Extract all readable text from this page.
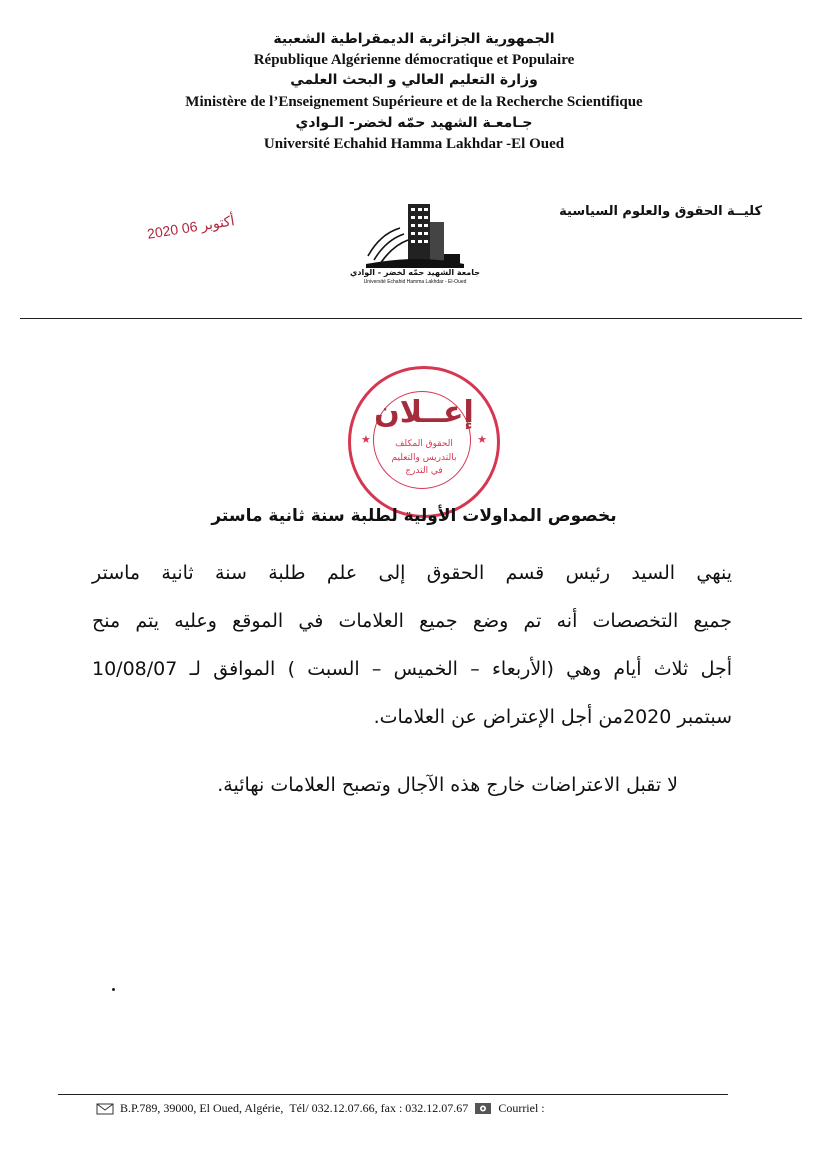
الجمهورية الجزائرية الديمقراطية الشعبية
République Algérienne démocratique et Populaire
وزارة التعليم العالي و البحث العلمي
Ministère de l’Enseignement Supérieure et de la Recherche Scientifique
جـامعـة الشهيد حمّه لخضر- الـوادي
Université Echahid Hamma Lakhdar -El Oued
كليــة الحقوق والعلوم السياسية
جامعة الشهيد حمّه لخضر - الوادي
Université Echahid Hamma Lakhdar - El-Oued
2020 أكتوبر 06
★	★
إعــلان
الحقوق المكلف
بالتدريس والتعليم
في التدرج
بخصوص المداولات الأولية لطلبة سنة ثانية ماستر
ينهي السيد رئيس قسم الحقوق إلى علم طلبة سنة ثانية ماستر
جميع التخصصات أنه تم وضع جميع العلامات في الموقع وعليه يتم منح
أجل ثلاث أيام وهي (الأربعاء – الخميس – السبت ) الموافق لـ 10/08/07
سبتمبر 2020من أجل الإعتراض عن العلامات.
لا تقبل الاعتراضات خارج هذه الآجال وتصبح العلامات نهائية.
B.P.789, 39000, El Oued, Algérie, Tél/ 032.12.07.66, fax : 032.12.07.67	Courriel :
